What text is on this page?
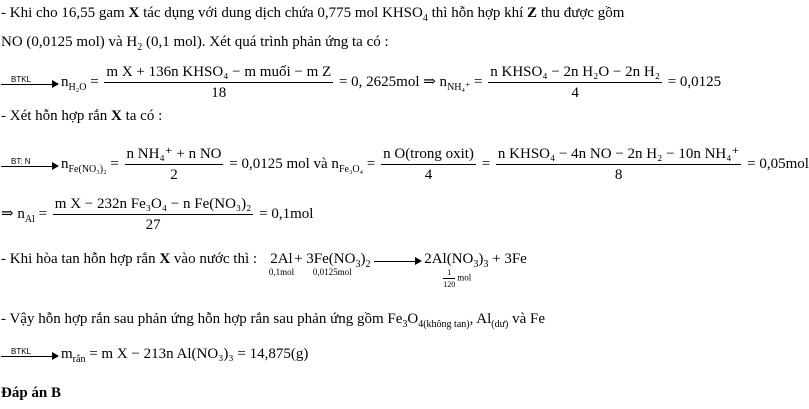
- Khi cho 16,55 gam X tác dụng với dung dịch chứa 0,775 mol $KHSO_4$ thì hỗn hợp khí Z thu được gồm
NO (0,0125 mol) và $H_2$ (0,1 mol). Xét quá trình phản ứng ta có :
BTKL $n_{H_2O} = \frac{\text{m X + 136n KHSO₄ − m muối − m Z}}{18} = 0$, 2625mol ⇒ $n_{NH_4^+} = \frac{\text{n KHSO₄ − 2n H₂O − 2n H₂}}{4} = 0,0125$
- Xét hỗn hợp rắn X ta có :
BT: N $n_{Fe(NO_3)_2} = \frac{\text{n NH₄⁺ + n NO}}{2} = 0,0125$ mol và $n_{Fe_3O_4} = \frac{\text{n O(trong oxit)}}{4} = \frac{\text{n KHSO₄ − 4n NO − 2n H₂ − 10n NH₄⁺}}{8} = 0,05mol$
⇒ $n_{Al} = \frac{\text{m X − 232n Fe₃O₄ − n Fe(NO₃)₂}}{27} = 0,1mol$
- Khi hòa tan hỗn hợp rắn X vào nước thì : 2Al
0,1mol
+ $3Fe(NO_3)_2$
0,0125mol

$2Al(NO_3)_3$
$\frac{1}{120}$ mol
+ 3Fe
- Vậy hỗn hợp rắn sau phản ứng hỗn hợp rắn sau phản ứng gồm $Fe_3O_{4(không tan)}$, $Al_{(dư)}$ và Fe
BTKL $m_{rắn} = m$ X − 213n Al(NO₃)₃ = 14,875(g)
Đáp án B
